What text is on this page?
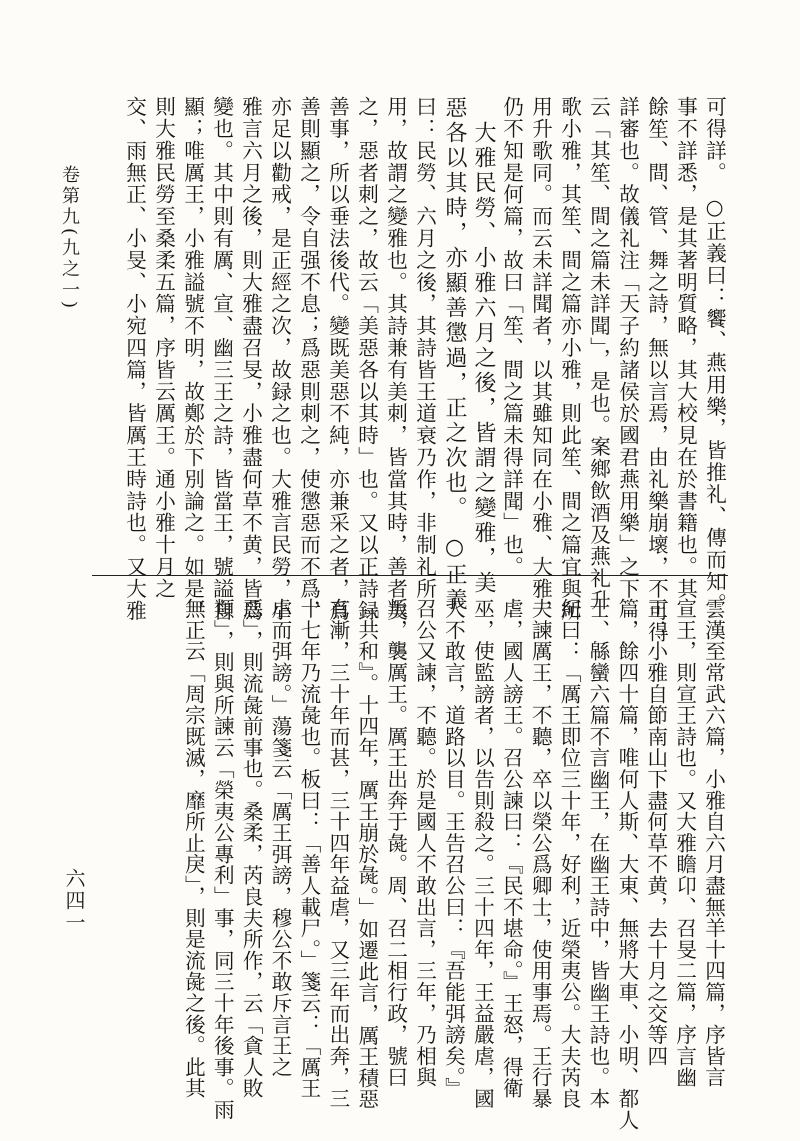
卷第九(九之一)
六四一
可得詳。　○正義曰：饗、燕用樂，皆推礼、傳而知。
事不詳悉，是其著明質略，其大校見在於書籍也。其
餘笙、間、管、舞之詩，無以言焉，由礼樂崩壞，不可得
詳審也。故儀礼注「天子約諸侯於國君燕用樂」之下
云「其笙、間之篇未詳聞」，是也。案鄉飲酒及燕礼升
歌小雅，其笙、間之篇亦小雅，則此笙、間之篇宜與所
用升歌同。而云未詳聞者，以其雖知同在小雅、大雅，
仍不知是何篇，故曰「笙、間之篇未得詳聞」也。
　大雅民勞、小雅六月之後，皆謂之變雅，美
惡各以其時，亦顯善懲過，正之次也。　○正義
曰：民勞、六月之後，其詩皆王道衰乃作，非制礼所
用，故謂之變雅也。其詩兼有美刺，皆當其時，善者美
之，惡者刺之，故云「美惡各以其時」也。又以正詩録
善事，所以垂法後代。變既美惡不純，亦兼采之者，爲
善則顯之，令自强不息；爲惡則刺之，使懲惡而不爲，
亦足以勸戒，是正經之次，故録之也。大雅言民勞，小
雅言六月之後，則大雅盡召旻，小雅盡何草不黄，皆爲
變也。其中則有厲、宣、幽三王之詩，皆當王，號謚自
顯；唯厲王，小雅謚號不明，故鄭於下別論之。如是，
則大雅民勞至桑柔五篇，序皆云厲王。通小雅十月之
交、雨無正、小旻、小宛四篇，皆厲王時詩也。又大雅
雲漢至常武六篇，小雅自六月盡無羊十四篇，序皆言
宣王，則宣王詩也。又大雅瞻卬、召旻二篇，序言幽
王；小雅自節南山下盡何草不黄，去十月之交等四
篇，餘四十篇，唯何人斯、大東、無將大車、小明、都人
士、緜蠻六篇不言幽王，在幽王詩中，皆幽王詩也。本
紀曰：「厲王即位三十年，好利，近榮夷公。大夫芮良
夫諫厲王，不聽，卒以榮公爲卿士，使用事焉。王行暴
虐，國人謗王。召公諫曰：『民不堪命。』王怒，得衛
巫，使監謗者，以告則殺之。三十四年，王益嚴虐，國
人不敢言，道路以目。王告召公曰：『吾能弭謗矣。』
召公又諫，不聽。於是國人不敢出言，三年，乃相與
叛，襲厲王。厲王出奔于彘。周、召二相行政，號曰
『共和』。十四年，厲王崩於彘。」如遷此言，厲王積惡
有漸，三十年而甚，三十四年益虐，又三年而出奔，三
十七年乃流彘也。板曰：「善人載尸。」箋云：「厲王
虐而弭謗。」蕩箋云「厲王弭謗，穆公不敢斥言王之
惡」，則流彘前事也。桑柔，芮良夫所作，云「貪人敗
類」，則與所諫云「榮夷公專利」事，同三十年後事。雨
無正云「周宗既滅，靡所止戾」，則是流彘之後。此其
